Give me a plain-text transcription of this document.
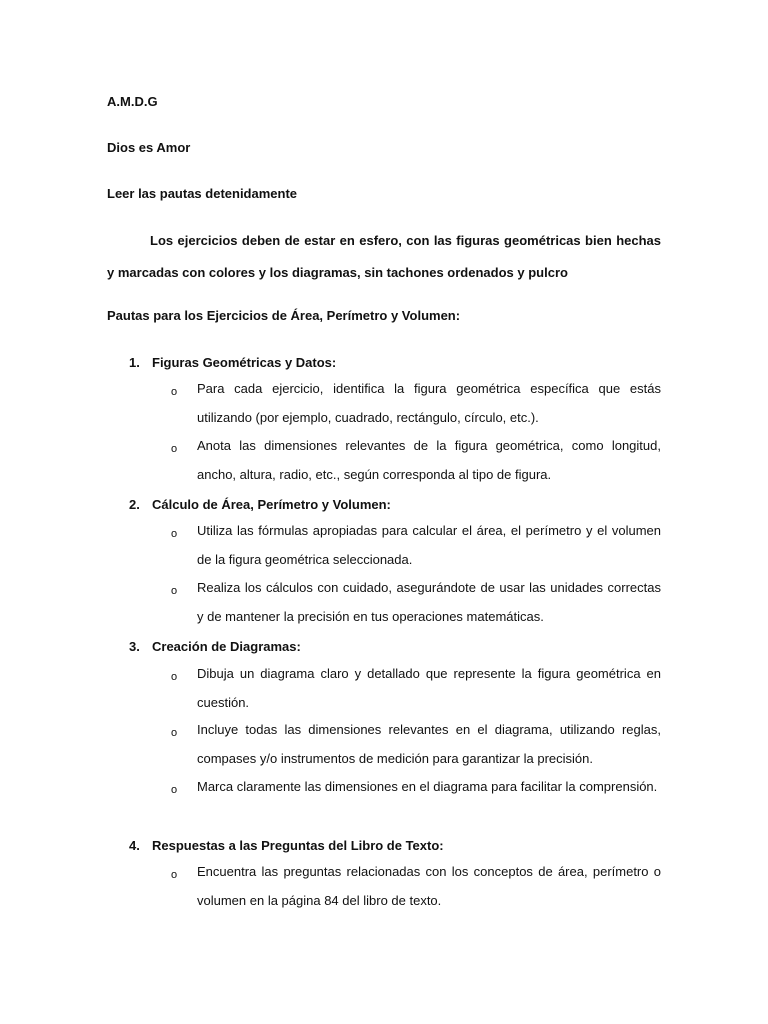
A.M.D.G
Dios es Amor
Leer las pautas detenidamente
Los ejercicios deben de estar en esfero, con las figuras geométricas bien hechas y marcadas con colores y los diagramas, sin tachones ordenados y pulcro
Pautas para los Ejercicios de Área, Perímetro y Volumen:
1. Figuras Geométricas y Datos:
o Para cada ejercicio, identifica la figura geométrica específica que estás utilizando (por ejemplo, cuadrado, rectángulo, círculo, etc.).
o Anota las dimensiones relevantes de la figura geométrica, como longitud, ancho, altura, radio, etc., según corresponda al tipo de figura.
2. Cálculo de Área, Perímetro y Volumen:
o Utiliza las fórmulas apropiadas para calcular el área, el perímetro y el volumen de la figura geométrica seleccionada.
o Realiza los cálculos con cuidado, asegurándote de usar las unidades correctas y de mantener la precisión en tus operaciones matemáticas.
3. Creación de Diagramas:
o Dibuja un diagrama claro y detallado que represente la figura geométrica en cuestión.
o Incluye todas las dimensiones relevantes en el diagrama, utilizando reglas, compases y/o instrumentos de medición para garantizar la precisión.
o Marca claramente las dimensiones en el diagrama para facilitar la comprensión.
4. Respuestas a las Preguntas del Libro de Texto:
o Encuentra las preguntas relacionadas con los conceptos de área, perímetro o volumen en la página 84 del libro de texto.
